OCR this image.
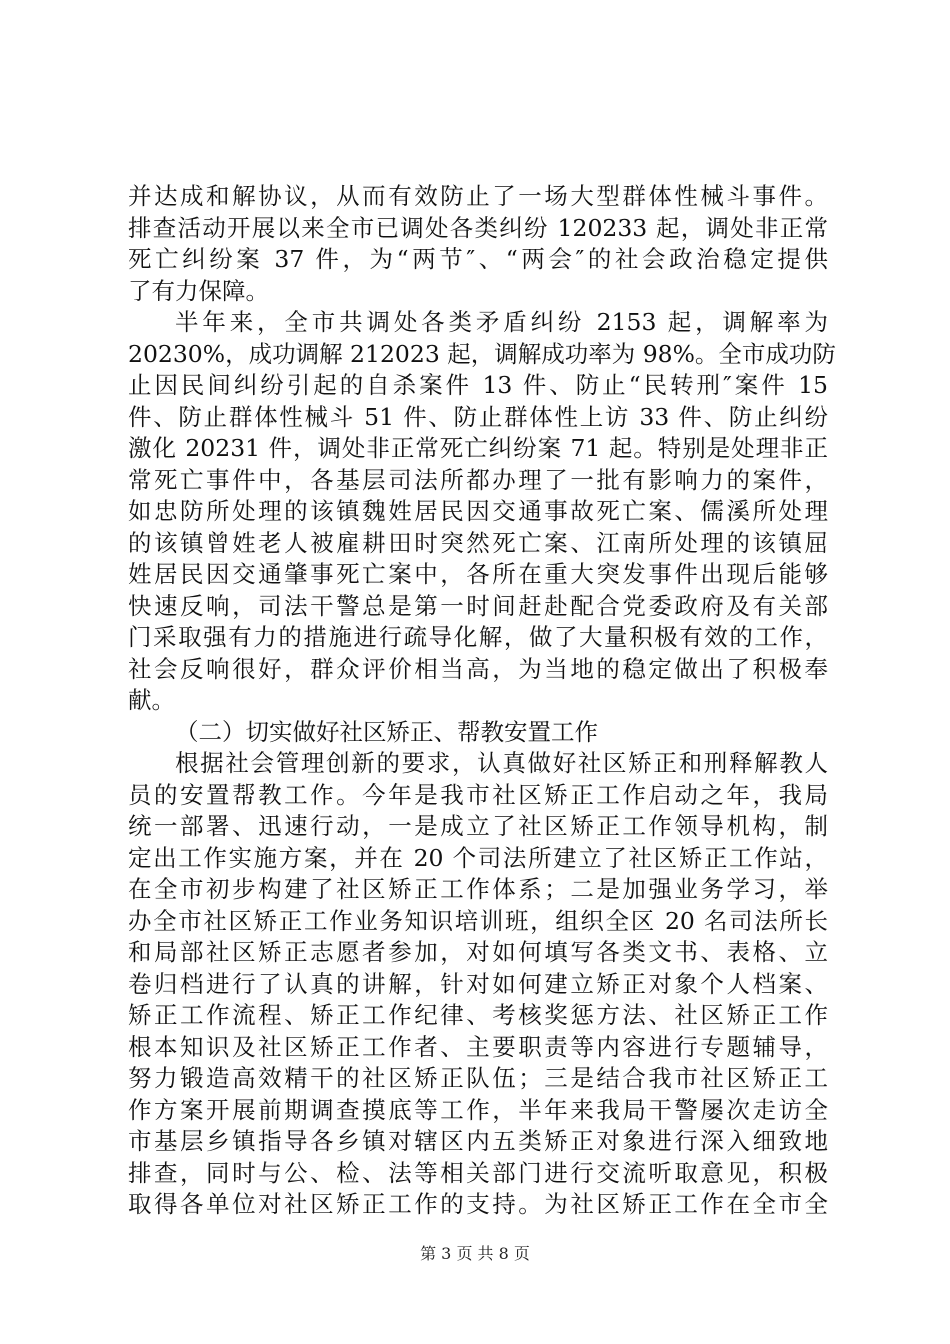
并达成和解协议，从而有效防止了一场大型群体性械斗事件。
排查活动开展以来全市已调处各类纠纷 120233 起，调处非正常
死亡纠纷案 37 件，为“两节″、“两会″的社会政治稳定提供
了有力保障。
半年来，全市共调处各类矛盾纠纷 2153 起，调解率为
20230%，成功调解 212023 起，调解成功率为 98%。全市成功防
止因民间纠纷引起的自杀案件 13 件、防止“民转刑″案件 15
件、防止群体性械斗 51 件、防止群体性上访 33 件、防止纠纷
激化 20231 件，调处非正常死亡纠纷案 71 起。特别是处理非正
常死亡事件中，各基层司法所都办理了一批有影响力的案件，
如忠防所处理的该镇魏姓居民因交通事故死亡案、儒溪所处理
的该镇曾姓老人被雇耕田时突然死亡案、江南所处理的该镇屈
姓居民因交通肇事死亡案中，各所在重大突发事件出现后能够
快速反响，司法干警总是第一时间赶赴配合党委政府及有关部
门采取强有力的措施进行疏导化解，做了大量积极有效的工作，
社会反响很好，群众评价相当高，为当地的稳定做出了积极奉
献。
（二）切实做好社区矫正、帮教安置工作
根据社会管理创新的要求，认真做好社区矫正和刑释解教人
员的安置帮教工作。今年是我市社区矫正工作启动之年，我局
统一部署、迅速行动，一是成立了社区矫正工作领导机构，制
定出工作实施方案，并在 20 个司法所建立了社区矫正工作站，
在全市初步构建了社区矫正工作体系；二是加强业务学习，举
办全市社区矫正工作业务知识培训班，组织全区 20 名司法所长
和局部社区矫正志愿者参加，对如何填写各类文书、表格、立
卷归档进行了认真的讲解，针对如何建立矫正对象个人档案、
矫正工作流程、矫正工作纪律、考核奖惩方法、社区矫正工作
根本知识及社区矫正工作者、主要职责等内容进行专题辅导，
努力锻造高效精干的社区矫正队伍；三是结合我市社区矫正工
作方案开展前期调查摸底等工作，半年来我局干警屡次走访全
市基层乡镇指导各乡镇对辖区内五类矫正对象进行深入细致地
排查，同时与公、检、法等相关部门进行交流听取意见，积极
取得各单位对社区矫正工作的支持。为社区矫正工作在全市全
第 3 页 共 8 页
